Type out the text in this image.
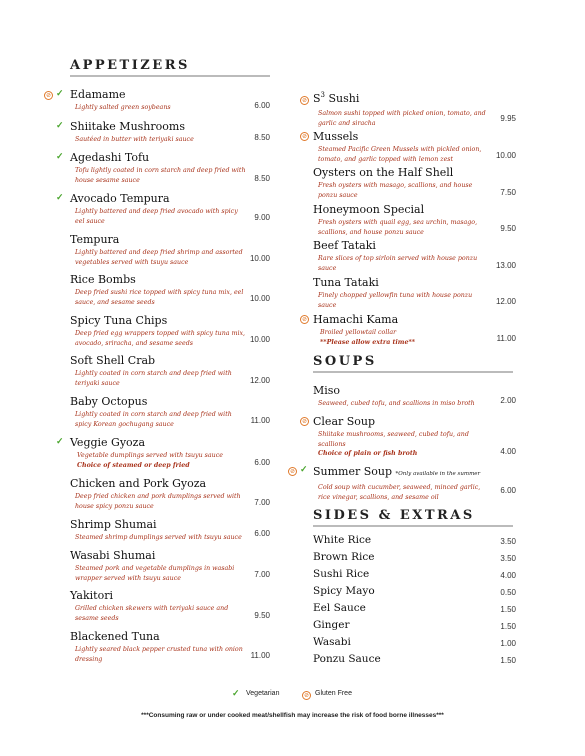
APPETIZERS
Edamame
Lightly salted green soybeans	6.00
Shiitake Mushrooms
Sautéed in butter with teriyaki sauce	8.50
Agedashi Tofu
Tofu lightly coated in corn starch and deep fried with house sesame sauce	8.50
Avocado Tempura
Lightly battered and deep fried avocado with spicy eel sauce	9.00
Tempura
Lightly battered and deep fried shrimp and assorted vegetables served with tsuyu sauce	10.00
Rice Bombs
Deep fried sushi rice topped with spicy tuna mix, eel sauce, and sesame seeds	10.00
Spicy Tuna Chips
Deep fried egg wrappers topped with spicy tuna mix, avocado, sriracha, and sesame seeds	10.00
Soft Shell Crab
Lightly coated in corn starch and deep fried with teriyaki sauce	12.00
Baby Octopus
Lightly coated in corn starch and deep fried with spicy Korean gochugang sauce	11.00
Veggie Gyoza
Vegetable dumplings served with tsuyu sauce
Choice of steamed or deep fried	6.00
Chicken and Pork Gyoza
Deep fried chicken and pork dumplings served with house spicy ponzu sauce	7.00
Shrimp Shumai
Steamed shrimp dumplings served with tsuyu sauce	6.00
Wasabi Shumai
Steamed pork and vegetable dumplings in wasabi wrapper served with tsuyu sauce	7.00
Yakitori
Grilled chicken skewers with teriyaki sauce and sesame seeds	9.50
Blackened Tuna
Lightly seared black pepper crusted tuna with onion dressing	11.00
⊘ ✓
✓
✓
✓
✓
$S^3$ Sushi
Salmon sushi topped with picked onion, tomato, and garlic and siracha	9.95
Mussels
Steamed Pacific Green Mussels with pickled onion, tomato, and garlic topped with lemon zest	10.00
Oysters on the Half Shell
Fresh oysters with masago, scallions, and house ponzu sauce	7.50
Honeymoon Special
Fresh oysters with quail egg, sea urchin, masago, scallions, and house ponzu sauce	9.50
Beef Tataki
Rare slices of top sirloin served with house ponzu sauce	13.00
Tuna Tataki
Finely chopped yellowfin tuna with house ponzu sauce	12.00
Hamachi Kama
Broiled yellowtail collar
**Please allow extra time**	11.00
SOUPS
Miso
Seaweed, cubed tofu, and scallions in miso broth	2.00
Clear Soup
Shiitake mushrooms, seaweed, cubed tofu, and scallions
Choice of plain or fish broth	4.00
Summer Soup *Only available in the summer
Cold soup with cucumber, seaweed, minced garlic, rice vinegar, scallions, and sesame oil
6.00
SIDES & EXTRAS
White Rice	3.50
Brown Rice	3.50
Sushi Rice	4.00
Spicy Mayo	0.50
Eel Sauce	1.50
Ginger	1.50
Wasabi	1.00
Ponzu Sauce	1.50
⊘
⊘
⊘
⊘
⊘ ✓
✓ Vegetarian	⊘ Gluten Free
***Consuming raw or under cooked meat/shellfish may increase the risk of food borne illnesses***
